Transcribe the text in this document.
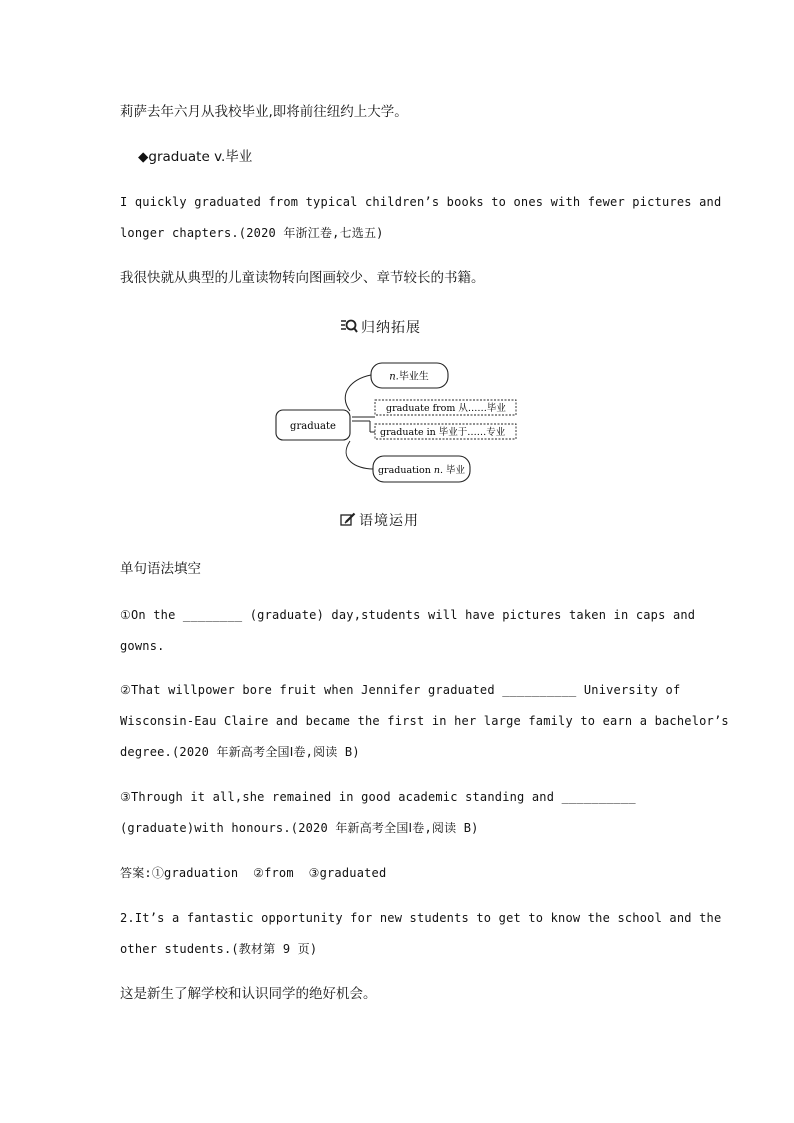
莉萨去年六月从我校毕业,即将前往纽约上大学。
◆graduate v.毕业
I quickly graduated from typical children’s books to ones with fewer pictures and
longer chapters.(2020 年浙江卷,七选五)
我很快就从典型的儿童读物转向图画较少、章节较长的书籍。
归纳拓展
graduate
n.毕业生
graduate from 从……毕业
graduate in 毕业于……专业
graduation n. 毕业
语境运用
单句语法填空
①On the ________ (graduate) day,students will have pictures taken in caps and
gowns.
②That willpower bore fruit when Jennifer graduated __________ University of
Wisconsin-Eau Claire and became the first in her large family to earn a bachelor’s
degree.(2020 年新高考全国Ⅰ卷,阅读 B)
③Through it all,she remained in good academic standing and __________
(graduate)with honours.(2020 年新高考全国Ⅰ卷,阅读 B)
答案:①graduation  ②from  ③graduated
2.It’s a fantastic opportunity for new students to get to know the school and the
other students.(教材第 9 页)
这是新生了解学校和认识同学的绝好机会。
